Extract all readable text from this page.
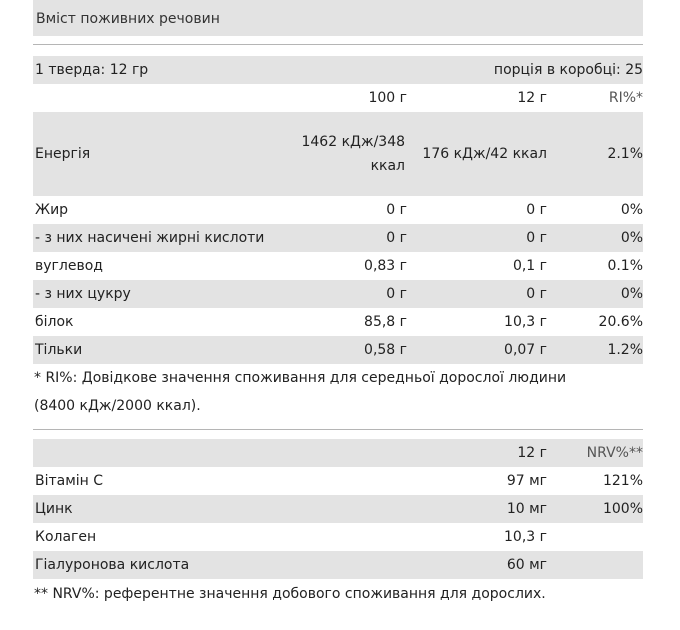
Вміст поживних речовин
1 тверда: 12 гр		порція в коробці: 25	
	100 г	12 г	RI%*
Енергія	1462 кДж/348 ккал	176 кДж/42 ккал	2.1%
Жир	0 г	0 г	0%
- з них насичені жирні кислоти	0 г	0 г	0%
вуглевод	0,83 г	0,1 г	0.1%
- з них цукру	0 г	0 г	0%
білок	85,8 г	10,3 г	20.6%
Тільки	0,58 г	0,07 г	1.2%
* RI%: Довідкове значення споживання для середньої дорослої людини (8400 кДж/2000 ккал).
	12 г	NRV%**
Вітамін С	97 мг	121%
Цинк	10 мг	100%
Колаген	10,3 г	
Гіалуронова кислота	60 мг	
** NRV%: референтне значення добового споживання для дорослих.
